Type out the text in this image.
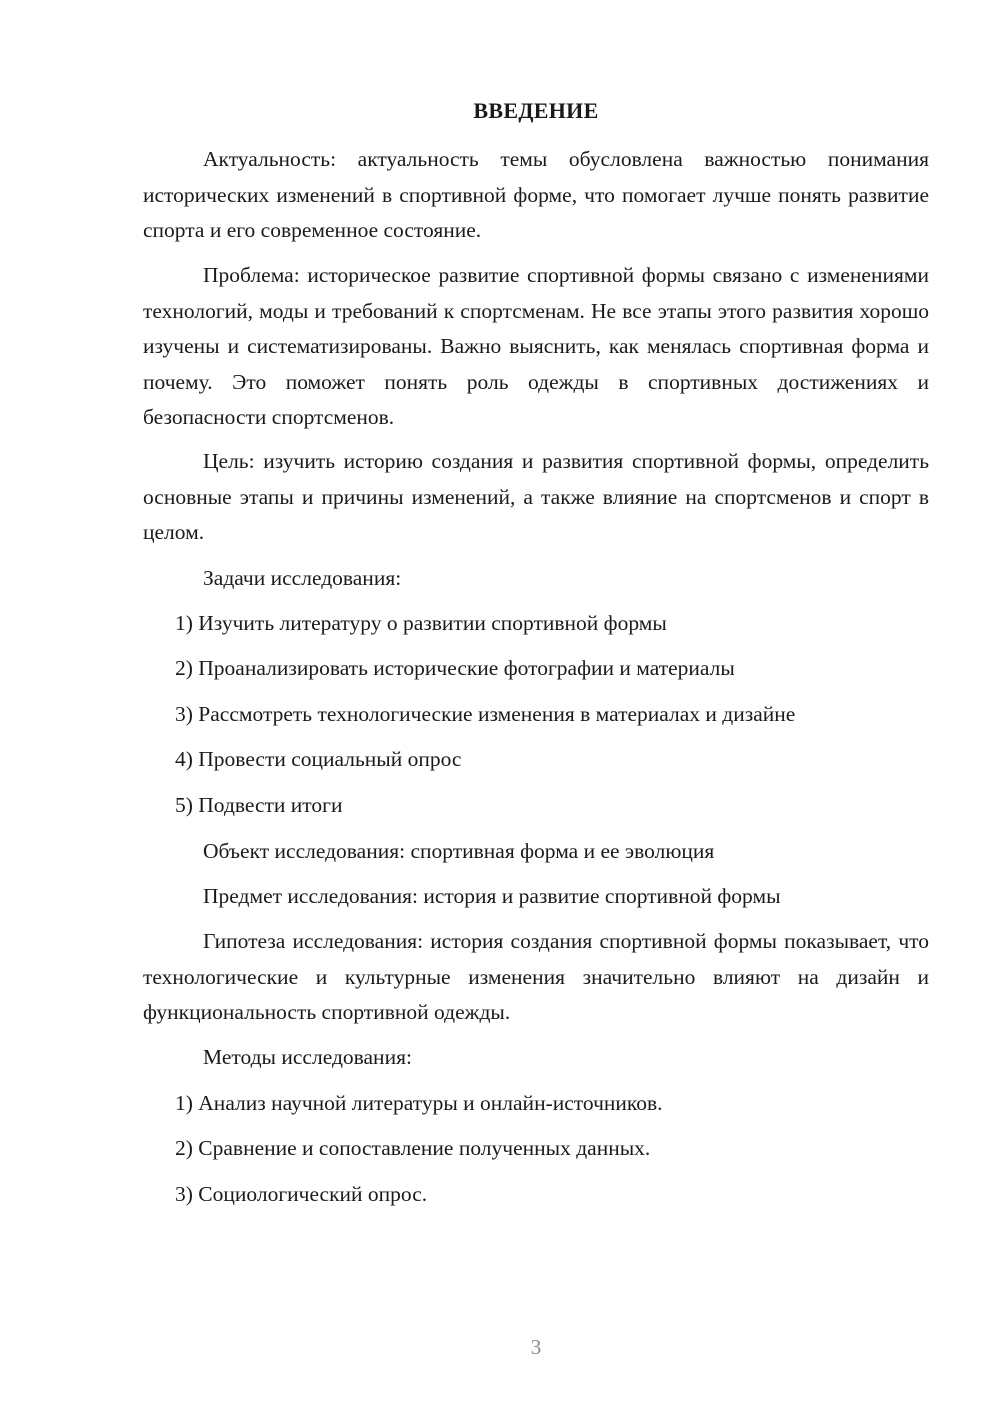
ВВЕДЕНИЕ

Актуальность: актуальность темы обусловлена важностью понимания исторических изменений в спортивной форме, что помогает лучше понять развитие спорта и его современное состояние.

Проблема: историческое развитие спортивной формы связано с изменениями технологий, моды и требований к спортсменам. Не все этапы этого развития хорошо изучены и систематизированы. Важно выяснить, как менялась спортивная форма и почему. Это поможет понять роль одежды в спортивных достижениях и безопасности спортсменов.

Цель: изучить историю создания и развития спортивной формы, определить основные этапы и причины изменений, а также влияние на спортсменов и спорт в целом.

Задачи исследования:
1) Изучить литературу о развитии спортивной формы
2) Проанализировать исторические фотографии и материалы
3) Рассмотреть технологические изменения в материалах и дизайне
4) Провести социальный опрос
5) Подвести итоги
Объект исследования: спортивная форма и ее эволюция
Предмет исследования: история и развитие спортивной формы

Гипотеза исследования: история создания спортивной формы показывает, что технологические и культурные изменения значительно влияют на дизайн и функциональность спортивной одежды.

Методы исследования:
1) Анализ научной литературы и онлайн-источников.
2) Сравнение и сопоставление полученных данных.
3) Социологический опрос.
3
